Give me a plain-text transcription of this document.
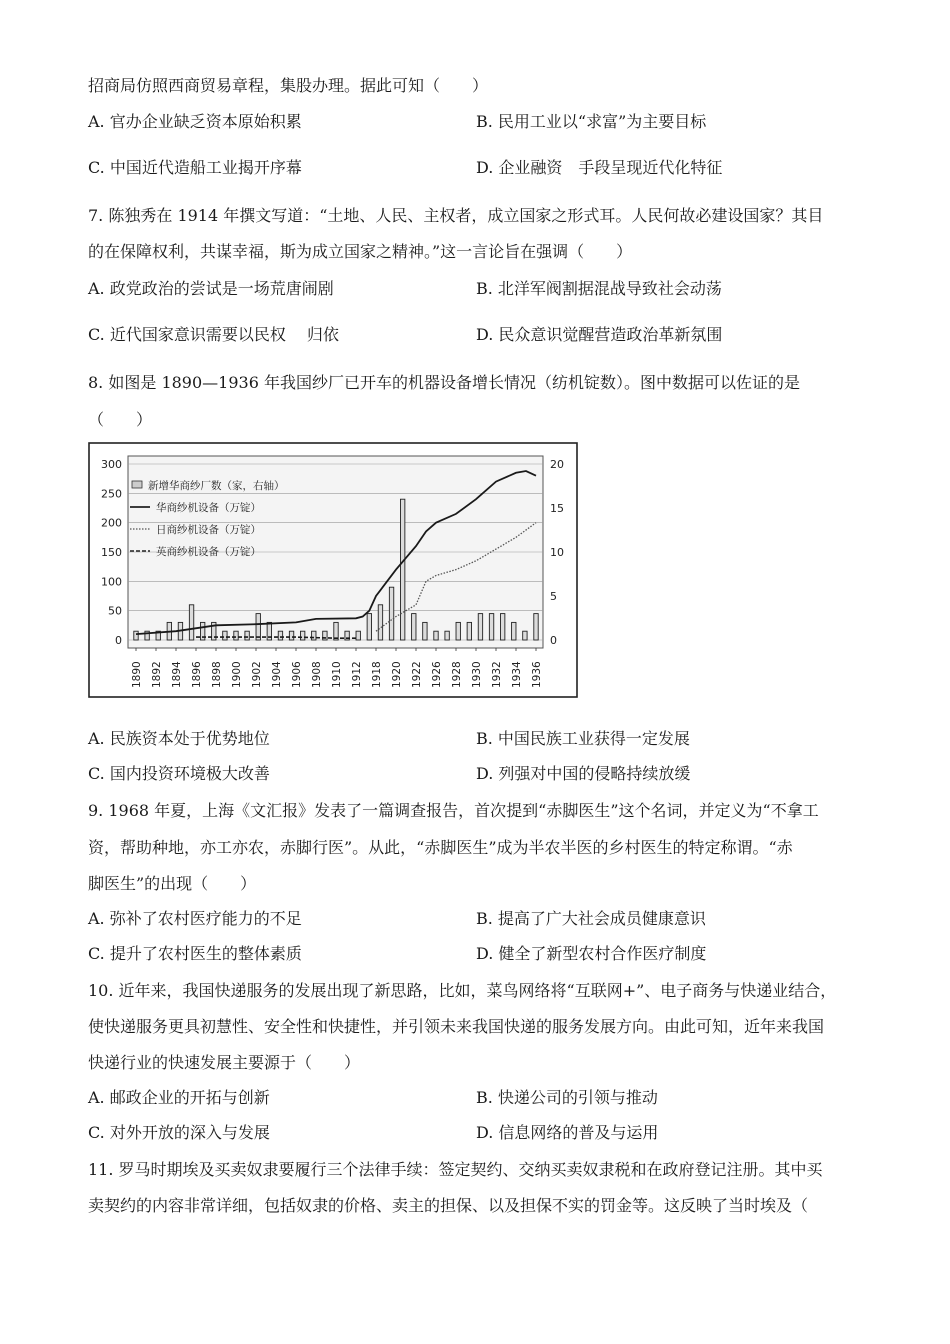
招商局仿照西商贸易章程，集股办理。据此可知（　　）
A. 官办企业缺乏资本原始积累	B. 民用工业以“求富”为主要目标
C. 中国近代造船工业揭开序幕	D. 企业融资　手段呈现近代化特征
7. 陈独秀在 1914 年撰文写道：“土地、人民、主权者，成立国家之形式耳。人民何故必建设国家？其目
的在保障权利，共谋幸福，斯为成立国家之精神。”这一言论旨在强调（　　）
A. 政党政治的尝试是一场荒唐闹剧	B. 北洋军阀割据混战导致社会动荡
C. 近代国家意识需要以民权　 归依	D. 民众意识觉醒营造政治革新氛围
8. 如图是 1890—1936 年我国纱厂已开车的机器设备增长情况（纺机锭数）。图中数据可以佐证的是
（　　）
0
50
100
150
200
250
300
0
5
10
15
20
1890 1892 1894 1896 1898 1900 1902 1904 1906 1908 1910 1912 1918 1920 1922 1926 1928 1930 1932 1934 1936
新增华商纱厂数（家，右轴）
华商纱机设备（万锭）
日商纱机设备（万锭）
英商纱机设备（万锭）
A. 民族资本处于优势地位	B. 中国民族工业获得一定发展
C. 国内投资环境极大改善	D. 列强对中国的侵略持续放缓
9. 1968 年夏，上海《文汇报》发表了一篇调查报告，首次提到“赤脚医生”这个名词，并定义为“不拿工
资，帮助种地，亦工亦农，赤脚行医”。从此，“赤脚医生”成为半农半医的乡村医生的特定称谓。“赤
脚医生”的出现（　　）
A. 弥补了农村医疗能力的不足	B. 提高了广大社会成员健康意识
C. 提升了农村医生的整体素质	D. 健全了新型农村合作医疗制度
10. 近年来，我国快递服务的发展出现了新思路，比如，菜鸟网络将“互联网+”、电子商务与快递业结合，
使快递服务更具初慧性、安全性和快捷性，并引领未来我国快递的服务发展方向。由此可知，近年来我国
快递行业的快速发展主要源于（　　）
A. 邮政企业的开拓与创新	B. 快递公司的引领与推动
C. 对外开放的深入与发展	D. 信息网络的普及与运用
11. 罗马时期埃及买卖奴隶要履行三个法律手续：签定契约、交纳买卖奴隶税和在政府登记注册。其中买
卖契约的内容非常详细，包括奴隶的价格、卖主的担保、以及担保不实的罚金等。这反映了当时埃及（
